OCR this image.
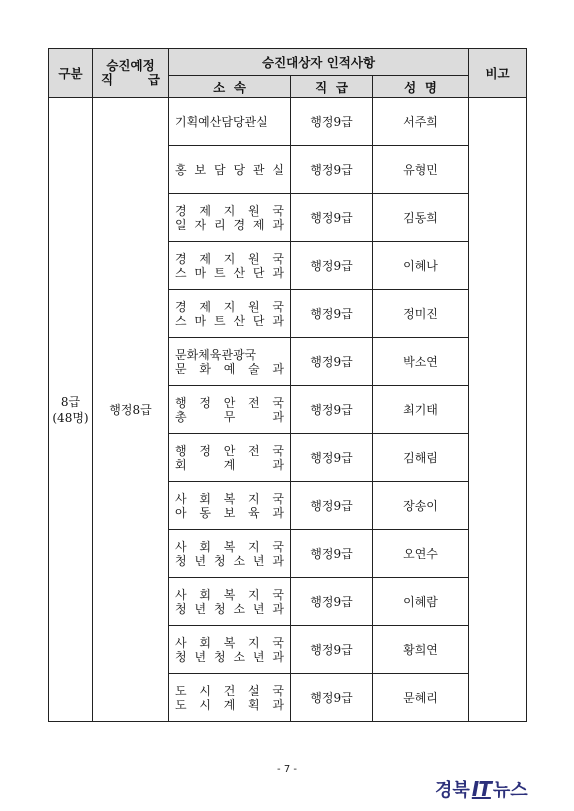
구분	승진예정
직        급	승진대상자 인적사항			비고
		소  속	직  급	성  명	

8급
(48명)	행정8급	기획예산담당관실	행정9급	서주희	

		홍 보 담 당 관 실	행정9급	유형민	

		경 제 지 원 국
일 자 리 경 제 과	행정9급	김동희	

		경 제 지 원 국
스 마 트 산 단 과	행정9급	이혜나	

		경 제 지 원 국
스 마 트 산 단 과	행정9급	정미진	

		문화체육관광국
문 화 예 술 과	행정9급	박소연	

		행 정 안 전 국
총 무 과	행정9급	최기태	

		행 정 안 전 국
회 계 과	행정9급	김해림	

		사 회 복 지 국
아 동 보 육 과	행정9급	장송이	

		사 회 복 지 국
청 년 청 소 년 과	행정9급	오연수	

		사 회 복 지 국
청 년 청 소 년 과	행정9급	이혜람	

		사 회 복 지 국
청 년 청 소 년 과	행정9급	황희연	

		도 시 건 설 국
도 시 계 획 과	행정9급	문혜리	
- 7 -
경북 IT 뉴스
